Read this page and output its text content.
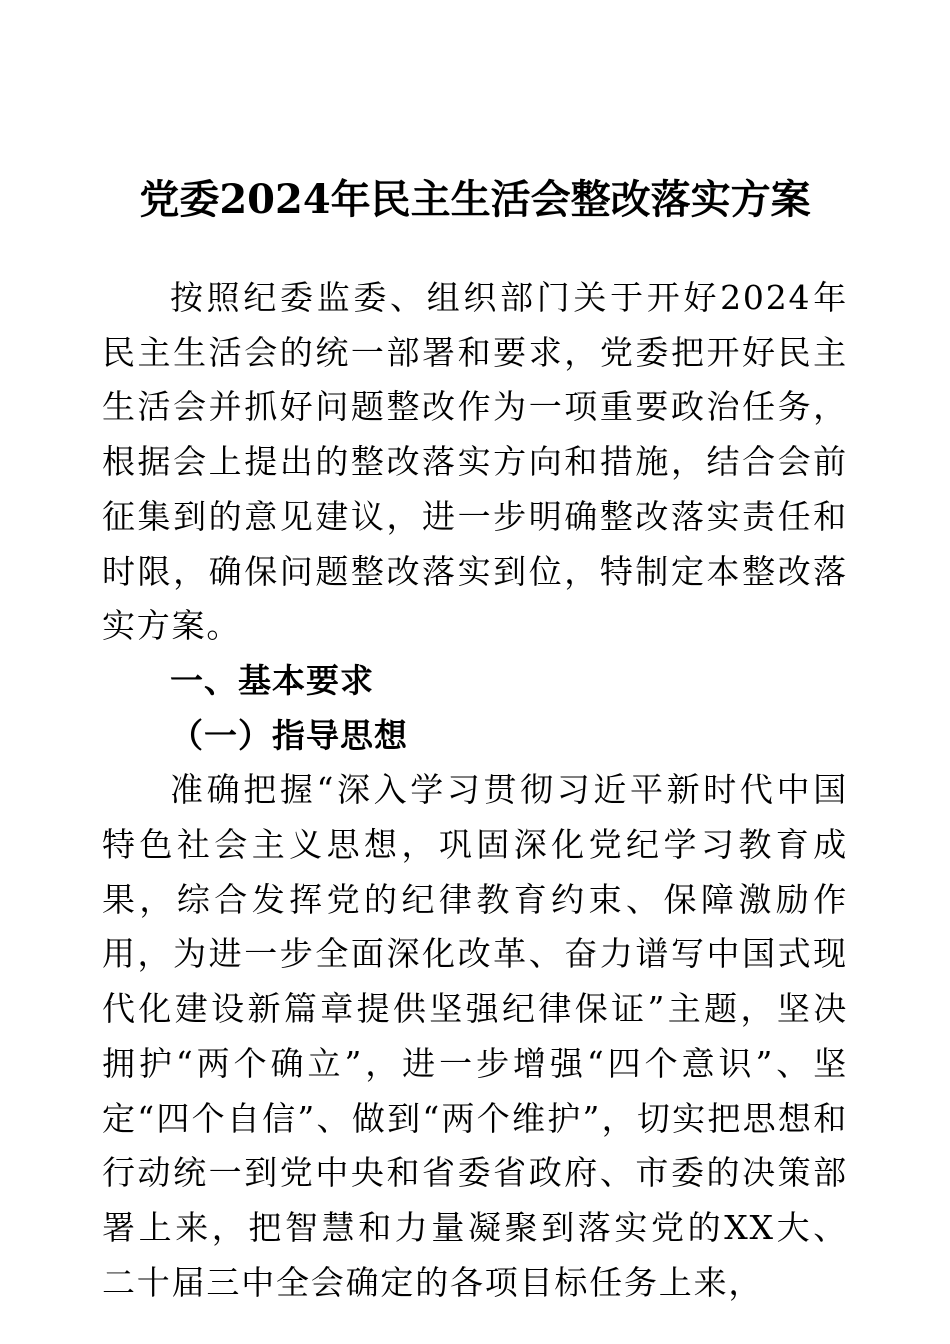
党委2024年民主生活会整改落实方案

按照纪委监委、组织部门关于开好2024年民主生活会的统一部署和要求，党委把开好民主生活会并抓好问题整改作为一项重要政治任务，根据会上提出的整改落实方向和措施，结合会前征集到的意见建议，进一步明确整改落实责任和时限，确保问题整改落实到位，特制定本整改落实方案。

一、基本要求

（一）指导思想

准确把握“深入学习贯彻习近平新时代中国特色社会主义思想，巩固深化党纪学习教育成果，综合发挥党的纪律教育约束、保障激励作用，为进一步全面深化改革、奋力谱写中国式现代化建设新篇章提供坚强纪律保证”主题，坚决拥护“两个确立”，进一步增强“四个意识”、坚定“四个自信”、做到“两个维护”，切实把思想和行动统一到党中央和省委省政府、市委的决策部署上来，把智慧和力量凝聚到落实党的XX大、二十届三中全会确定的各项目标任务上来，
